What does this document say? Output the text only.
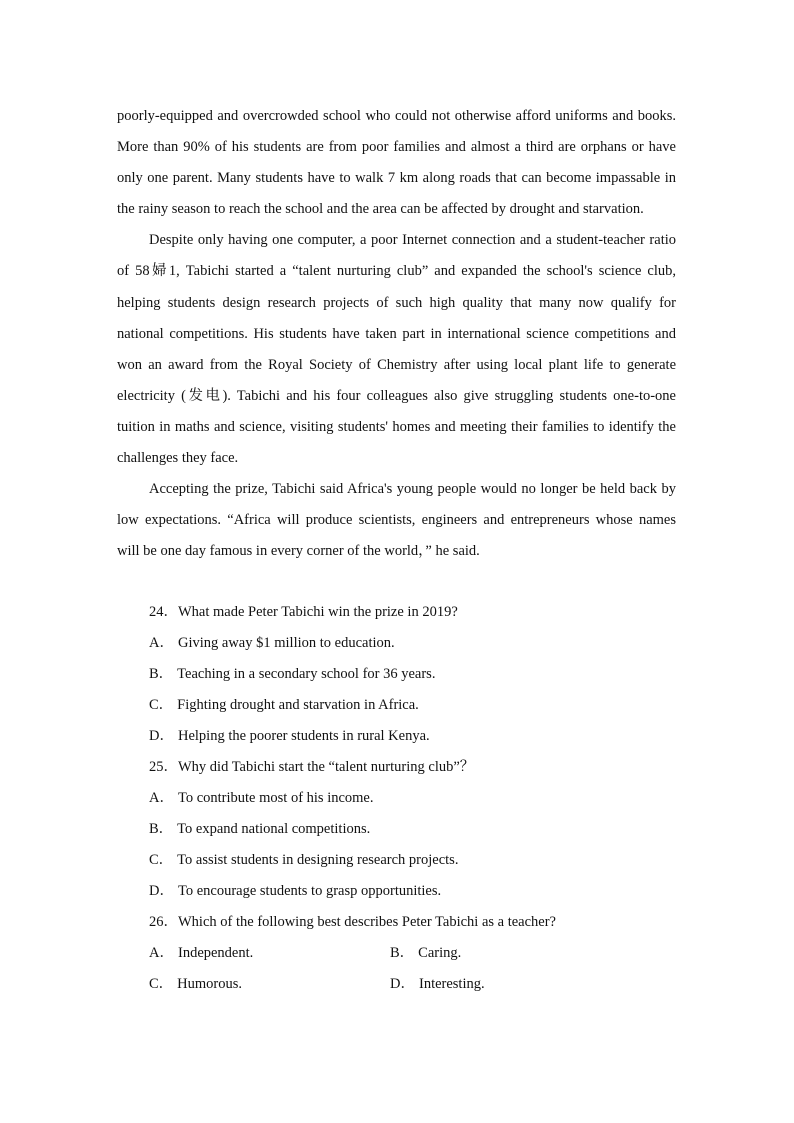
poorly-equipped and overcrowded school who could not otherwise afford uniforms and books. More than 90% of his students are from poor families and almost a third are orphans or have only one parent. Many students have to walk 7 km along roads that can become impassable in the rainy season to reach the school and the area can be affected by drought and starvation.

Despite only having one computer, a poor Internet connection and a student-teacher ratio of 58婦1, Tabichi started a “talent nurturing club” and expanded the school's science club, helping students design research projects of such high quality that many now qualify for national competitions. His students have taken part in international science competitions and won an award from the Royal Society of Chemistry after using local plant life to generate electricity (发电). Tabichi and his four colleagues also give struggling students one-to-one tuition in maths and science, visiting students' homes and meeting their families to identify the challenges they face.

Accepting the prize, Tabichi said Africa's young people would no longer be held back by low expectations. “Africa will produce scientists, engineers and entrepreneurs whose names will be one day famous in every corner of the world，” he said.

24．What made Peter Tabichi win the prize in 2019?

A． Giving away $1 million to education.

B． Teaching in a secondary school for 36 years.

C． Fighting drought and starvation in Africa.

D． Helping the poorer students in rural Kenya.

25．Why did Tabichi start the “talent nurturing club”？

A． To contribute most of his income.

B． To expand national competitions.

C． To assist students in designing research projects.

D． To encourage students to grasp opportunities.

26．Which of the following best describes Peter Tabichi as a teacher?

A． Independent.	B． Caring.
C． Humorous.	D． Interesting.
